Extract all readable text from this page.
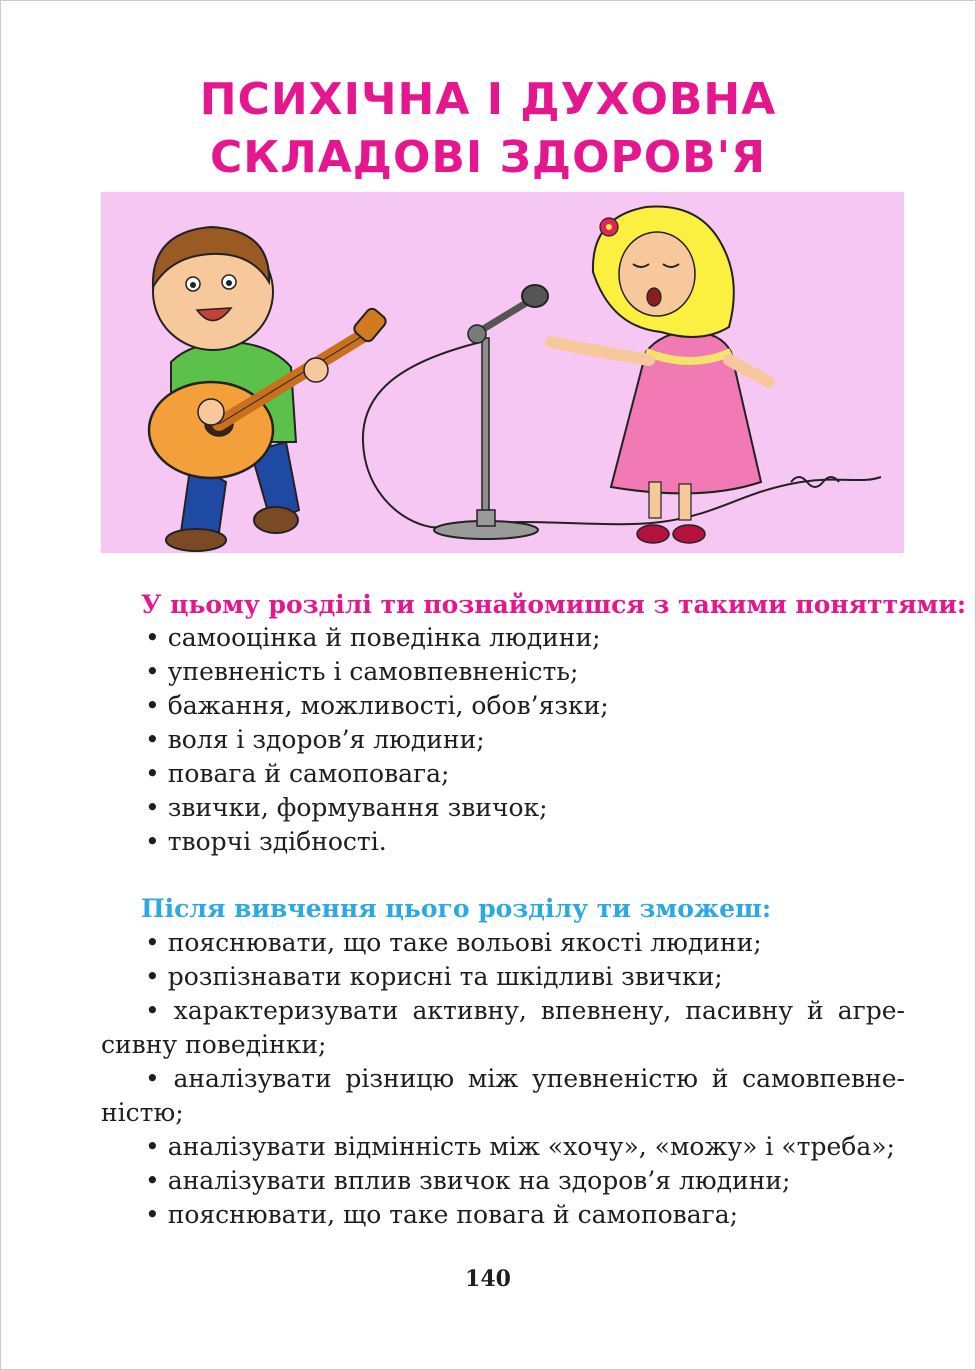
ПСИХІЧНА І ДУХОВНА
СКЛАДОВІ ЗДОРОВ'Я
У цьому розділі ти познайомишся з такими поняттями:
• самооцінка й поведінка людини;
• упевненість і самовпевненість;
• бажання, можливості, обов’язки;
• воля і здоров’я людини;
• повага й самоповага;
• звички, формування звичок;
• творчі здібності.
Після вивчення цього розділу ти зможеш:
• пояснювати, що таке вольові якості людини;
• розпізнавати корисні та шкідливі звички;
• характеризувати активну, впевнену, пасивну й агре-
сивну поведінки;
• аналізувати різницю між упевненістю й самовпевне-
ністю;
• аналізувати відмінність між «хочу», «можу» і «треба»;
• аналізувати вплив звичок на здоров’я людини;
• пояснювати, що таке повага й самоповага;
140
